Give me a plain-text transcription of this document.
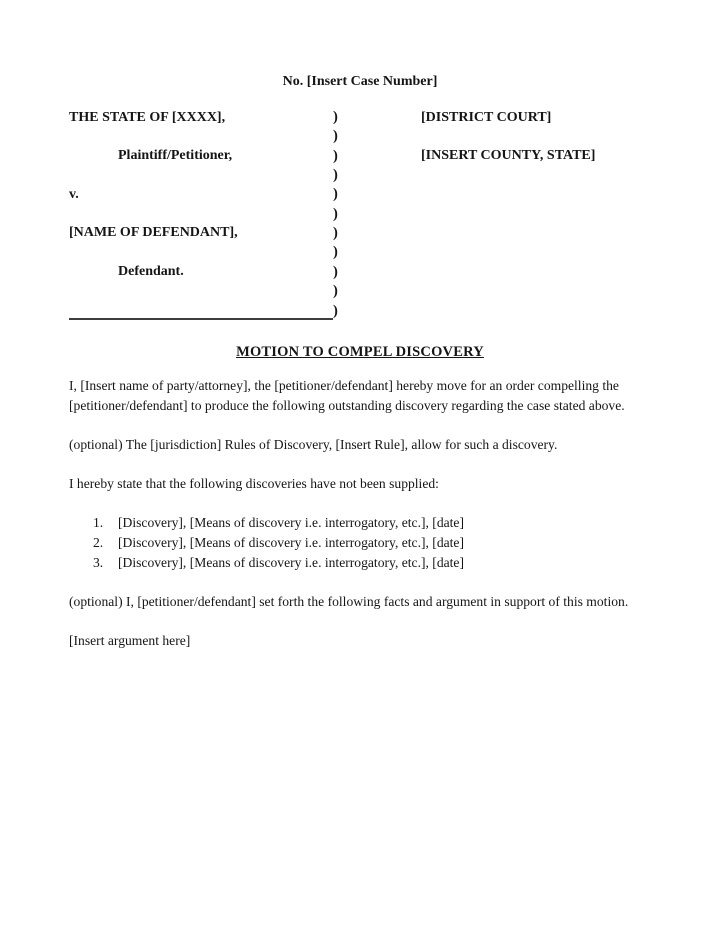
No. [Insert Case Number]
THE STATE OF [XXXX],	)	[DISTRICT COURT]
)
Plaintiff/Petitioner,	)	[INSERT COUNTY, STATE]
)
v.	)
)
[NAME OF DEFENDANT],	)
)
Defendant.	)
)
)
MOTION TO COMPEL DISCOVERY

I, [Insert name of party/attorney], the [petitioner/defendant] hereby move for an order compelling the [petitioner/defendant] to produce the following outstanding discovery regarding the case stated above.

(optional) The [jurisdiction] Rules of Discovery, [Insert Rule], allow for such a discovery.

I hereby state that the following discoveries have not been supplied:

1.	[Discovery], [Means of discovery i.e. interrogatory, etc.], [date]
2.	[Discovery], [Means of discovery i.e. interrogatory, etc.], [date]
3.	[Discovery], [Means of discovery i.e. interrogatory, etc.], [date]

(optional) I, [petitioner/defendant] set forth the following facts and argument in support of this motion.

[Insert argument here]
